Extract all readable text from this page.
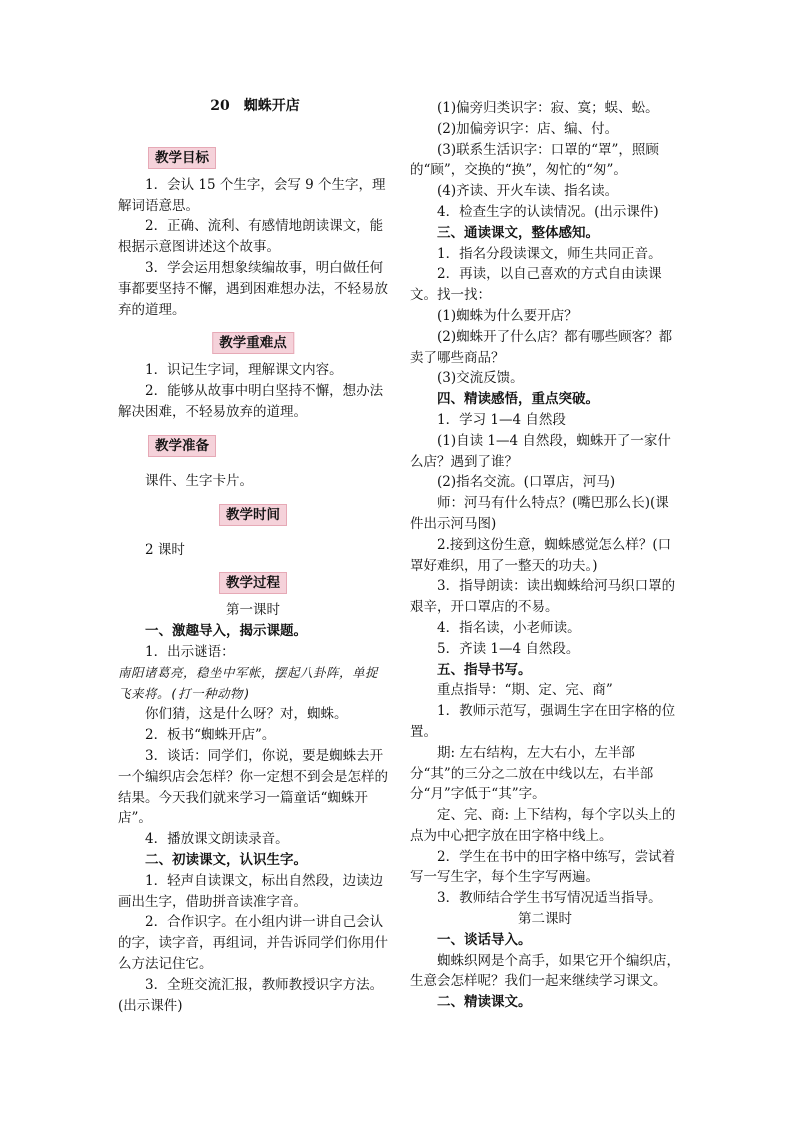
20 蜘蛛开店
教学目标

1．会认 15 个生字，会写 9 个生字，理解词语意思。

2．正确、流利、有感情地朗读课文，能根据示意图讲述这个故事。

3．学会运用想象续编故事，明白做任何事都要坚持不懈，遇到困难想办法，不轻易放弃的道理。

教学重难点

1．识记生字词，理解课文内容。

2．能够从故事中明白坚持不懈，想办法解决困难，不轻易放弃的道理。

教学准备

课件、生字卡片。

教学时间

2 课时

教学过程

第一课时

一、激趣导入，揭示课题。

1．出示谜语：

南阳诸葛亮，稳坐中军帐，摆起八卦阵，单捉飞来将。(打一种动物)

你们猜，这是什么呀？对，蜘蛛。

2．板书“蜘蛛开店”。

3．谈话：同学们，你说，要是蜘蛛去开一个编织店会怎样？你一定想不到会是怎样的结果。今天我们就来学习一篇童话“蜘蛛开店”。

4．播放课文朗读录音。

二、初读课文，认识生字。

1．轻声自读课文，标出自然段，边读边画出生字，借助拼音读准字音。

2．合作识字。在小组内讲一讲自己会认的字，读字音，再组词，并告诉同学们你用什么方法记住它。

3．全班交流汇报，教师教授识字方法。(出示课件)

(1)偏旁归类识字：寂、寞；蜈、蚣。

(2)加偏旁识字：店、编、付。

(3)联系生活识字：口罩的“罩”，照顾的“顾”，交换的“换”，匆忙的“匆”。

(4)齐读、开火车读、指名读。

4．检查生字的认读情况。(出示课件)

三、通读课文，整体感知。

1．指名分段读课文，师生共同正音。

2．再读，以自己喜欢的方式自由读课文。找一找：

(1)蜘蛛为什么要开店？

(2)蜘蛛开了什么店？都有哪些顾客？都卖了哪些商品？

(3)交流反馈。

四、精读感悟，重点突破。

1．学习 1—4 自然段

(1)自读 1—4 自然段，蜘蛛开了一家什么店？遇到了谁？

(2)指名交流。(口罩店，河马)

师：河马有什么特点？(嘴巴那么长)(课件出示河马图)

2.接到这份生意，蜘蛛感觉怎么样？(口罩好难织，用了一整天的功夫。)

3．指导朗读：读出蜘蛛给河马织口罩的艰辛，开口罩店的不易。

4．指名读，小老师读。

5．齐读 1—4 自然段。

五、指导书写。

重点指导：“期、定、完、商”

1．教师示范写，强调生字在田字格的位置。

期: 左右结构，左大右小，左半部分“其”的三分之二放在中线以左，右半部分“月”字低于“其”字。

定、完、商: 上下结构，每个字以头上的点为中心把字放在田字格中线上。

2．学生在书中的田字格中练写，尝试着写一写生字，每个生字写两遍。

3．教师结合学生书写情况适当指导。

第二课时

一、谈话导入。

蜘蛛织网是个高手，如果它开个编织店，生意会怎样呢？我们一起来继续学习课文。

二、精读课文。
